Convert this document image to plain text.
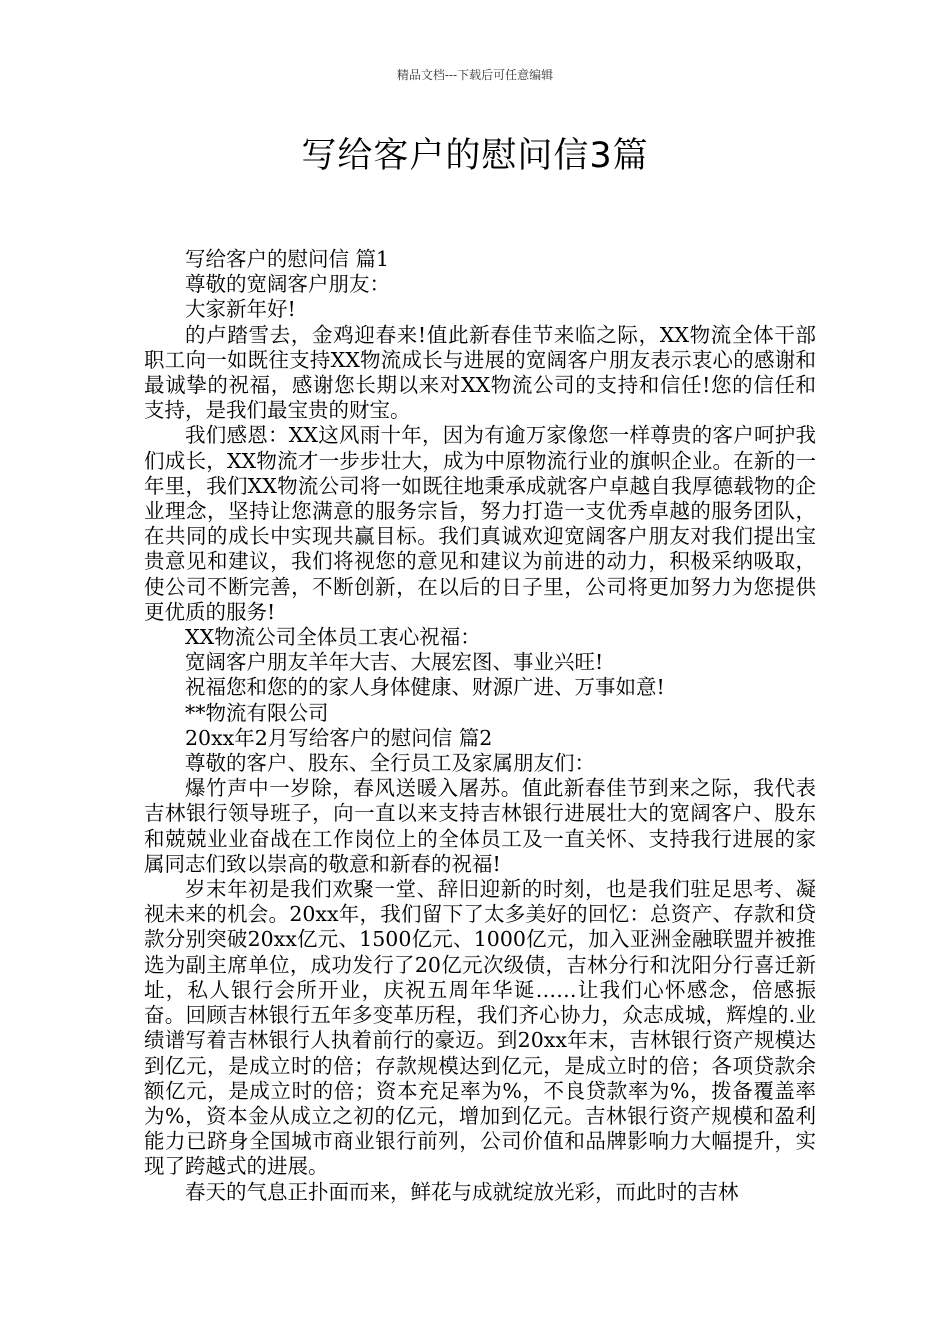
精品文档---下载后可任意编辑
写给客户的慰问信3篇

写给客户的慰问信 篇1

尊敬的宽阔客户朋友：

大家新年好!

的卢踏雪去，金鸡迎春来!值此新春佳节来临之际，XX物流全体干部职工向一如既往支持XX物流成长与进展的宽阔客户朋友表示衷心的感谢和最诚挚的祝福，感谢您长期以来对XX物流公司的支持和信任!您的信任和支持，是我们最宝贵的财宝。

我们感恩：XX这风雨十年，因为有逾万家像您一样尊贵的客户呵护我们成长，XX物流才一步步壮大，成为中原物流行业的旗帜企业。在新的一年里，我们XX物流公司将一如既往地秉承成就客户卓越自我厚德载物的企业理念，坚持让您满意的服务宗旨，努力打造一支优秀卓越的服务团队，在共同的成长中实现共赢目标。我们真诚欢迎宽阔客户朋友对我们提出宝贵意见和建议，我们将视您的意见和建议为前进的动力，积极采纳吸取，使公司不断完善，不断创新，在以后的日子里，公司将更加努力为您提供更优质的服务!

XX物流公司全体员工衷心祝福：

宽阔客户朋友羊年大吉、大展宏图、事业兴旺!

祝福您和您的的家人身体健康、财源广进、万事如意!

**物流有限公司

20xx年2月写给客户的慰问信 篇2

尊敬的客户、股东、全行员工及家属朋友们：

爆竹声中一岁除，春风送暖入屠苏。值此新春佳节到来之际，我代表吉林银行领导班子，向一直以来支持吉林银行进展壮大的宽阔客户、股东和兢兢业业奋战在工作岗位上的全体员工及一直关怀、支持我行进展的家属同志们致以崇高的敬意和新春的祝福!

岁末年初是我们欢聚一堂、辞旧迎新的时刻，也是我们驻足思考、凝视未来的机会。20xx年，我们留下了太多美好的回忆：总资产、存款和贷款分别突破20xx亿元、1500亿元、1000亿元，加入亚洲金融联盟并被推选为副主席单位，成功发行了20亿元次级债，吉林分行和沈阳分行喜迁新址，私人银行会所开业，庆祝五周年华诞……让我们心怀感念，倍感振奋。回顾吉林银行五年多变革历程，我们齐心协力，众志成城，辉煌的.业绩谱写着吉林银行人执着前行的豪迈。到20xx年末，吉林银行资产规模达到亿元，是成立时的倍；存款规模达到亿元，是成立时的倍；各项贷款余额亿元，是成立时的倍；资本充足率为%，不良贷款率为%，拨备覆盖率为%，资本金从成立之初的亿元，增加到亿元。吉林银行资产规模和盈利能力已跻身全国城市商业银行前列，公司价值和品牌影响力大幅提升，实现了跨越式的进展。

春天的气息正扑面而来，鲜花与成就绽放光彩，而此时的吉林
